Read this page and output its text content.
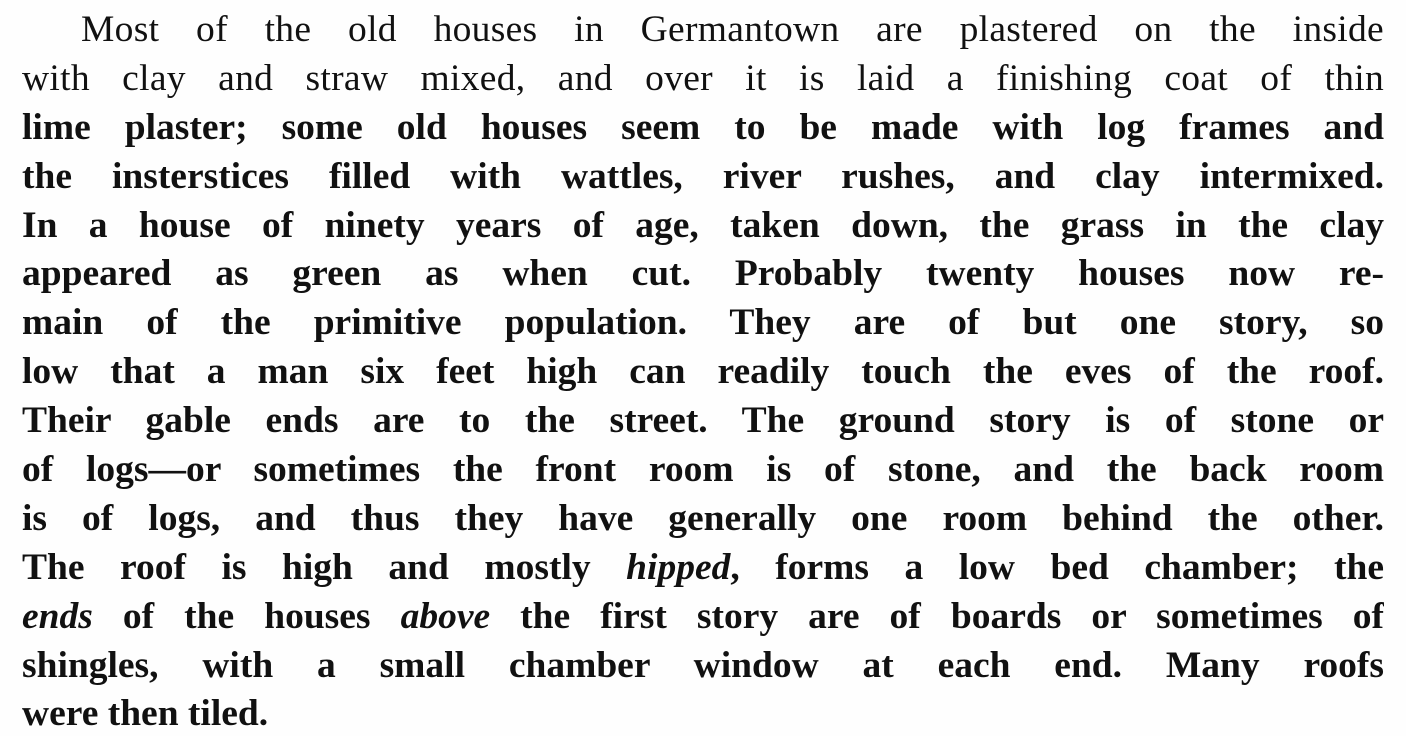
Most of the old houses in Germantown are plastered on the inside
with clay and straw mixed, and over it is laid a finishing coat of thin
lime plaster; some old houses seem to be made with log frames and
the insterstices filled with wattles, river rushes, and clay intermixed.
In a house of ninety years of age, taken down, the grass in the clay
appeared as green as when cut. Probably twenty houses now re-
main of the primitive population. They are of but one story, so
low that a man six feet high can readily touch the eves of the roof.
Their gable ends are to the street. The ground story is of stone or
of logs—or sometimes the front room is of stone, and the back room
is of logs, and thus they have generally one room behind the other.
The roof is high and mostly hipped, forms a low bed chamber; the
ends of the houses above the first story are of boards or sometimes of
shingles, with a small chamber window at each end. Many roofs
were then tiled.
